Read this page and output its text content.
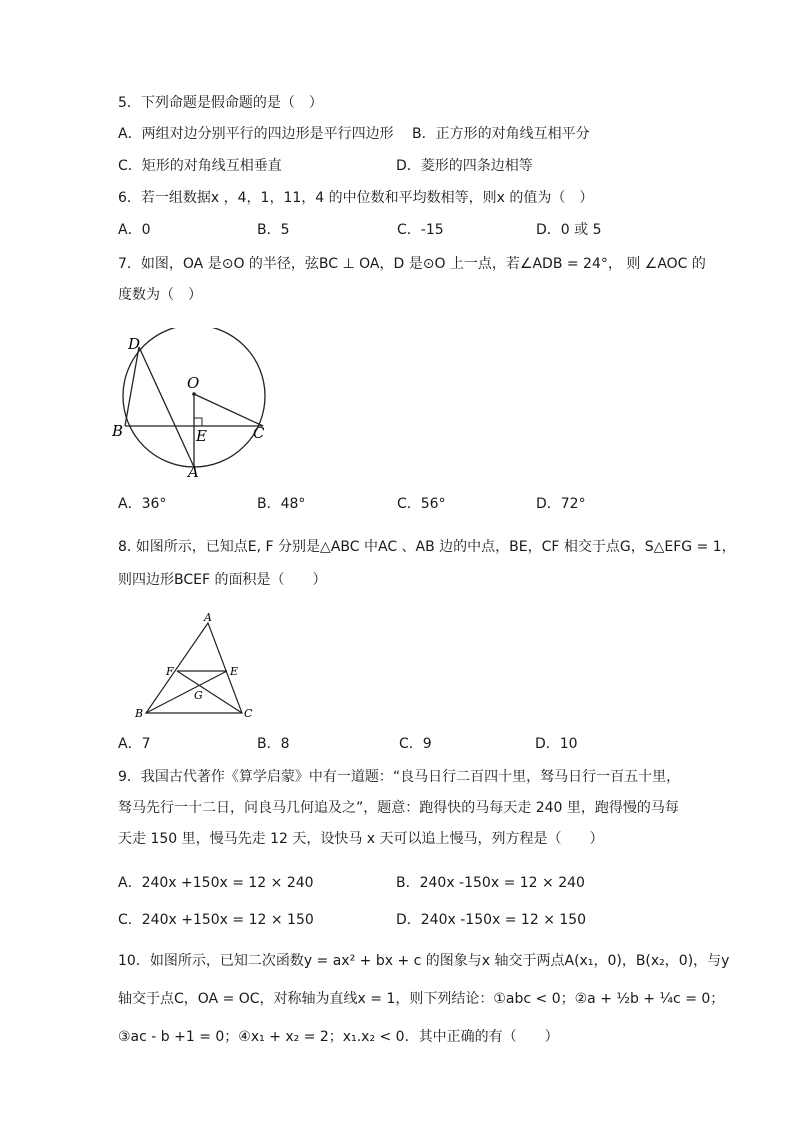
5．下列命题是假命题的是（　）
A．两组对边分别平行的四边形是平行四边形 B．正方形的对角线互相平分
C．矩形的对角线互相垂直	D．菱形的四条边相等
6．若一组数据x ，4，1，11，4 的中位数和平均数相等，则x 的值为（　）
A．0	B．5	C．-15	D．0 或 5
7．如图，OA 是⊙O 的半径，弦BC ⊥ OA，D 是⊙O 上一点，若∠ADB = 24°， 则 ∠AOC 的
度数为（　）
D
O
B	E	C
A
A．36°	B．48°	C．56°	D．72°
8. 如图所示，已知点E, F 分别是△ABC 中AC 、AB 边的中点，BE，CF 相交于点G，S△EFG = 1，
则四边形BCEF 的面积是（　　）
A
F	E
G
B	C
A．7	B．8	C．9	D．10
9．我国古代著作《算学启蒙》中有一道题：“良马日行二百四十里，驽马日行一百五十里，
驽马先行一十二日，问良马几何追及之”，题意：跑得快的马每天走 240 里，跑得慢的马每
天走 150 里，慢马先走 12 天，设快马 x 天可以追上慢马，列方程是（　　）
A．240x +150x = 12 × 240	B．240x -150x = 12 × 240
C．240x +150x = 12 × 150	D．240x -150x = 12 × 150
10．如图所示，已知二次函数y = ax² + bx + c 的图象与x 轴交于两点A(x₁，0)，B(x₂，0)，与y
轴交于点C，OA = OC，对称轴为直线x = 1，则下列结论：①abc < 0；②a + ½b + ¼c = 0；
③ac - b +1 = 0；④x₁ + x₂ = 2；x₁.x₂ < 0．其中正确的有（　　）
